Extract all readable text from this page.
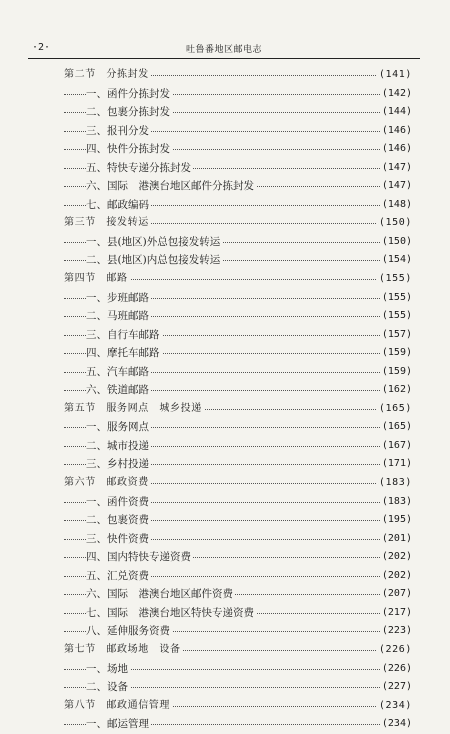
·2·	吐鲁番地区邮电志
第二节　分拣封发	(141)
一、函件分拣封发	(142)
二、包裹分拣封发	(144)
三、报刊分发	(146)
四、快件分拣封发	(146)
五、特快专递分拣封发	(147)
六、国际　港澳台地区邮件分拣封发	(147)
七、邮政编码	(148)
第三节　接发转运	(150)
一、县(地区)外总包接发转运	(150)
二、县(地区)内总包接发转运	(154)
第四节　邮路	(155)
一、步班邮路	(155)
二、马班邮路	(155)
三、自行车邮路	(157)
四、摩托车邮路	(159)
五、汽车邮路	(159)
六、铁道邮路	(162)
第五节　服务网点　城乡投递	(165)
一、服务网点	(165)
二、城市投递	(167)
三、乡村投递	(171)
第六节　邮政资费	(183)
一、函件资费	(183)
二、包裹资费	(195)
三、快件资费	(201)
四、国内特快专递资费	(202)
五、汇兑资费	(202)
六、国际　港澳台地区邮件资费	(207)
七、国际　港澳台地区特快专递资费	(217)
八、延伸服务资费	(223)
第七节　邮政场地　设备	(226)
一、场地	(226)
二、设备	(227)
第八节　邮政通信管理	(234)
一、邮运管理	(234)
